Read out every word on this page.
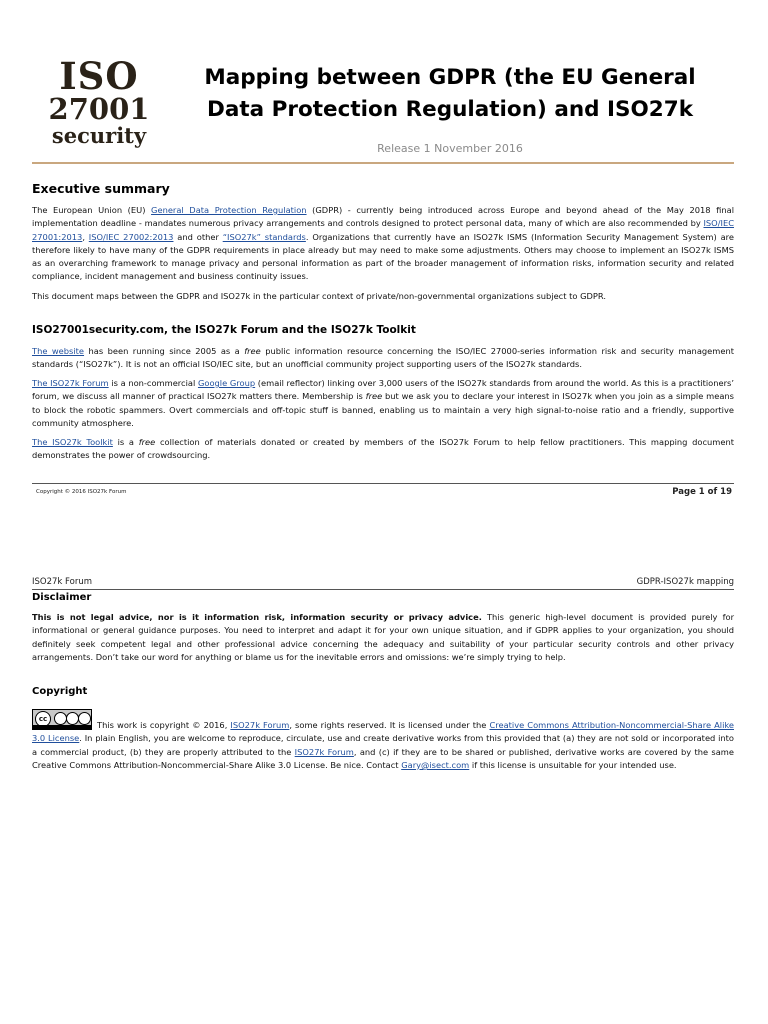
ISO
27001
security
Mapping between GDPR (the EU General
Data Protection Regulation) and ISO27k
Release 1 November 2016
Executive summary
The European Union (EU) General Data Protection Regulation (GDPR) - currently being introduced across Europe and beyond ahead of the May 2018 final implementation deadline - mandates numerous privacy arrangements and controls designed to protect personal data, many of which are also recommended by ISO/IEC 27001:2013, ISO/IEC 27002:2013 and other “ISO27k” standards. Organizations that currently have an ISO27k ISMS (Information Security Management System) are therefore likely to have many of the GDPR requirements in place already but may need to make some adjustments. Others may choose to implement an ISO27k ISMS as an overarching framework to manage privacy and personal information as part of the broader management of information risks, information security and related compliance, incident management and business continuity issues.
This document maps between the GDPR and ISO27k in the particular context of private/non-governmental organizations subject to GDPR.
ISO27001security.com, the ISO27k Forum and the ISO27k Toolkit
The website has been running since 2005 as a free public information resource concerning the ISO/IEC 27000-series information risk and security management standards (“ISO27k”). It is not an official ISO/IEC site, but an unofficial community project supporting users of the ISO27k standards.
The ISO27k Forum is a non-commercial Google Group (email reflector) linking over 3,000 users of the ISO27k standards from around the world. As this is a practitioners’ forum, we discuss all manner of practical ISO27k matters there. Membership is free but we ask you to declare your interest in ISO27k when you join as a simple means to block the robotic spammers. Overt commercials and off-topic stuff is banned, enabling us to maintain a very high signal-to-noise ratio and a friendly, supportive community atmosphere.
The ISO27k Toolkit is a free collection of materials donated or created by members of the ISO27k Forum to help fellow practitioners. This mapping document demonstrates the power of crowdsourcing.
Copyright © 2016 ISO27k Forum	Page 1 of 19
ISO27k Forum	GDPR-ISO27k mapping
Disclaimer
This is not legal advice, nor is it information risk, information security or privacy advice. This generic high-level document is provided purely for informational or general guidance purposes. You need to interpret and adapt it for your own unique situation, and if GDPR applies to your organization, you should definitely seek competent legal and other professional advice concerning the adequacy and suitability of your particular security controls and other privacy arrangements. Don’t take our word for anything or blame us for the inevitable errors and omissions: we’re simply trying to help.
Copyright
cc
This work is copyright © 2016, ISO27k Forum, some rights reserved. It is licensed under the Creative Commons Attribution-Noncommercial-Share Alike 3.0 License. In plain English, you are welcome to reproduce, circulate, use and create derivative works from this provided that (a) they are not sold or incorporated into a commercial product, (b) they are properly attributed to the ISO27k Forum, and (c) if they are to be shared or published, derivative works are covered by the same Creative Commons Attribution-Noncommercial-Share Alike 3.0 License. Be nice. Contact Gary@isect.com if this license is unsuitable for your intended use.
